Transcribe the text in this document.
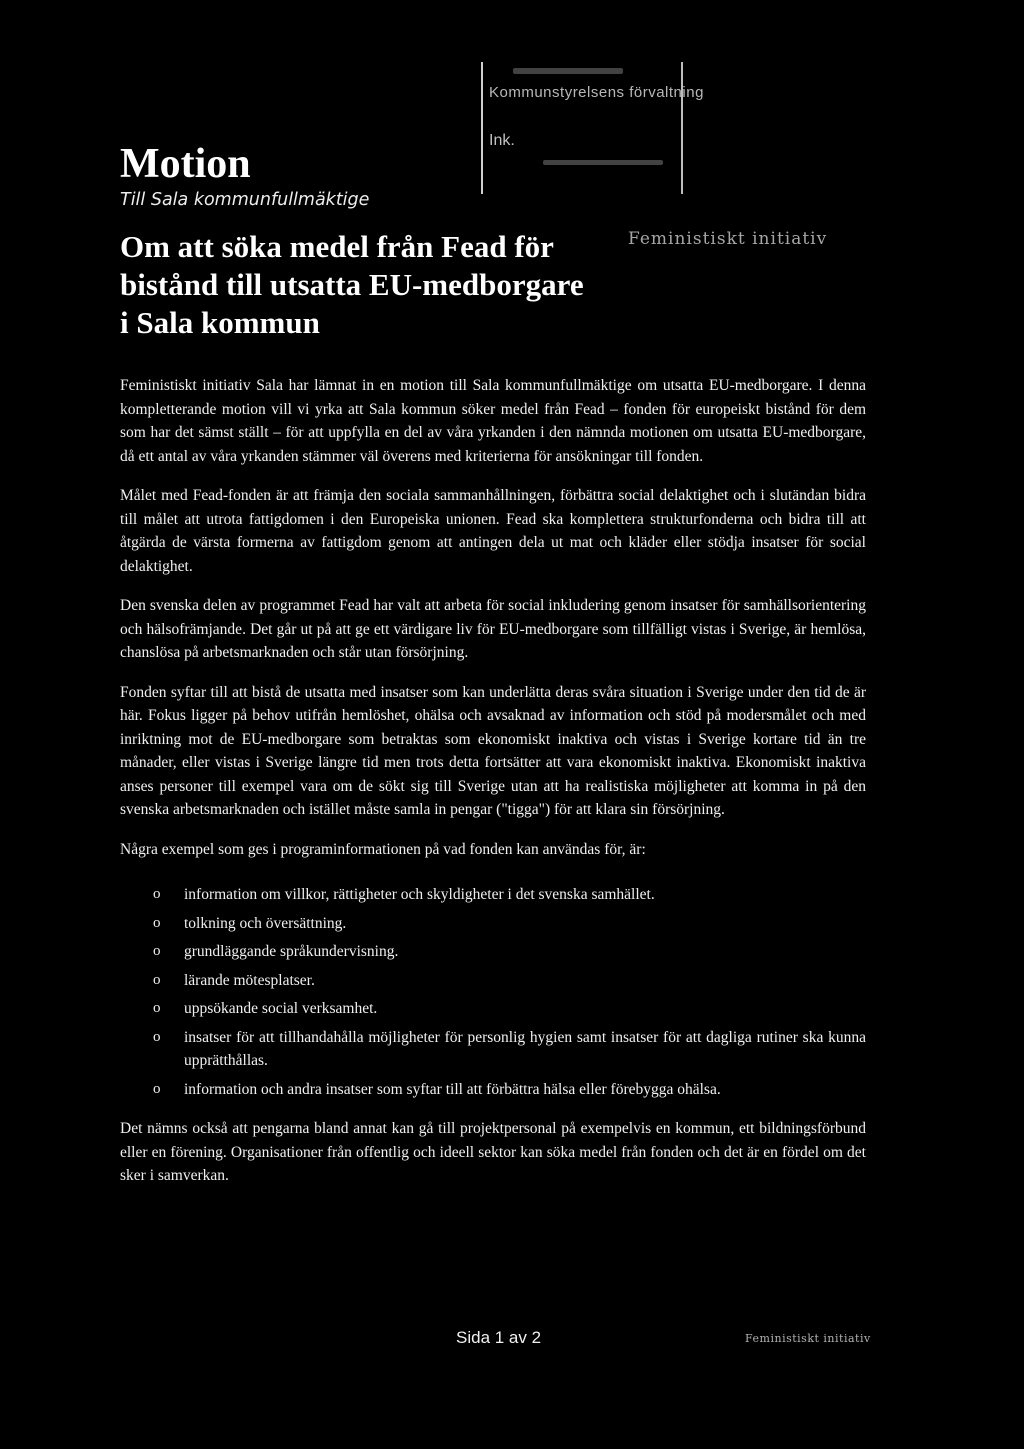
Kommunstyrelsens förvaltning
Ink.
Motion
Till Sala kommunfullmäktige
Om att söka medel från Fead för bistånd till utsatta EU-medborgare i Sala kommun
Feministiskt initiativ

Feministiskt initiativ Sala har lämnat in en motion till Sala kommunfullmäktige om utsatta EU-medborgare. I denna kompletterande motion vill vi yrka att Sala kommun söker medel från Fead – fonden för europeiskt bistånd för dem som har det sämst ställt – för att uppfylla en del av våra yrkanden i den nämnda motionen om utsatta EU-medborgare, då ett antal av våra yrkanden stämmer väl överens med kriterierna för ansökningar till fonden.

Målet med Fead-fonden är att främja den sociala sammanhållningen, förbättra social delaktighet och i slutändan bidra till målet att utrota fattigdomen i den Europeiska unionen. Fead ska komplettera strukturfonderna och bidra till att åtgärda de värsta formerna av fattigdom genom att antingen dela ut mat och kläder eller stödja insatser för social delaktighet.

Den svenska delen av programmet Fead har valt att arbeta för social inkludering genom insatser för samhällsorientering och hälsofrämjande. Det går ut på att ge ett värdigare liv för EU-medborgare som tillfälligt vistas i Sverige, är hemlösa, chanslösa på arbetsmarknaden och står utan försörjning.

Fonden syftar till att bistå de utsatta med insatser som kan underlätta deras svåra situation i Sverige under den tid de är här. Fokus ligger på behov utifrån hemlöshet, ohälsa och avsaknad av information och stöd på modersmålet och med inriktning mot de EU-medborgare som betraktas som ekonomiskt inaktiva och vistas i Sverige kortare tid än tre månader, eller vistas i Sverige längre tid men trots detta fortsätter att vara ekonomiskt inaktiva. Ekonomiskt inaktiva anses personer till exempel vara om de sökt sig till Sverige utan att ha realistiska möjligheter att komma in på den svenska arbetsmarknaden och istället måste samla in pengar ("tigga") för att klara sin försörjning.

Några exempel som ges i programinformationen på vad fonden kan användas för, är:

o information om villkor, rättigheter och skyldigheter i det svenska samhället.
o tolkning och översättning.
o grundläggande språkundervisning.
o lärande mötesplatser.
o uppsökande social verksamhet.
o insatser för att tillhandahålla möjligheter för personlig hygien samt insatser för att dagliga rutiner ska kunna upprätthållas.
o information och andra insatser som syftar till att förbättra hälsa eller förebygga ohälsa.

Det nämns också att pengarna bland annat kan gå till projektpersonal på exempelvis en kommun, ett bildningsförbund eller en förening. Organisationer från offentlig och ideell sektor kan söka medel från fonden och det är en fördel om det sker i samverkan.

Sida 1 av 2	Feministiskt initiativ
